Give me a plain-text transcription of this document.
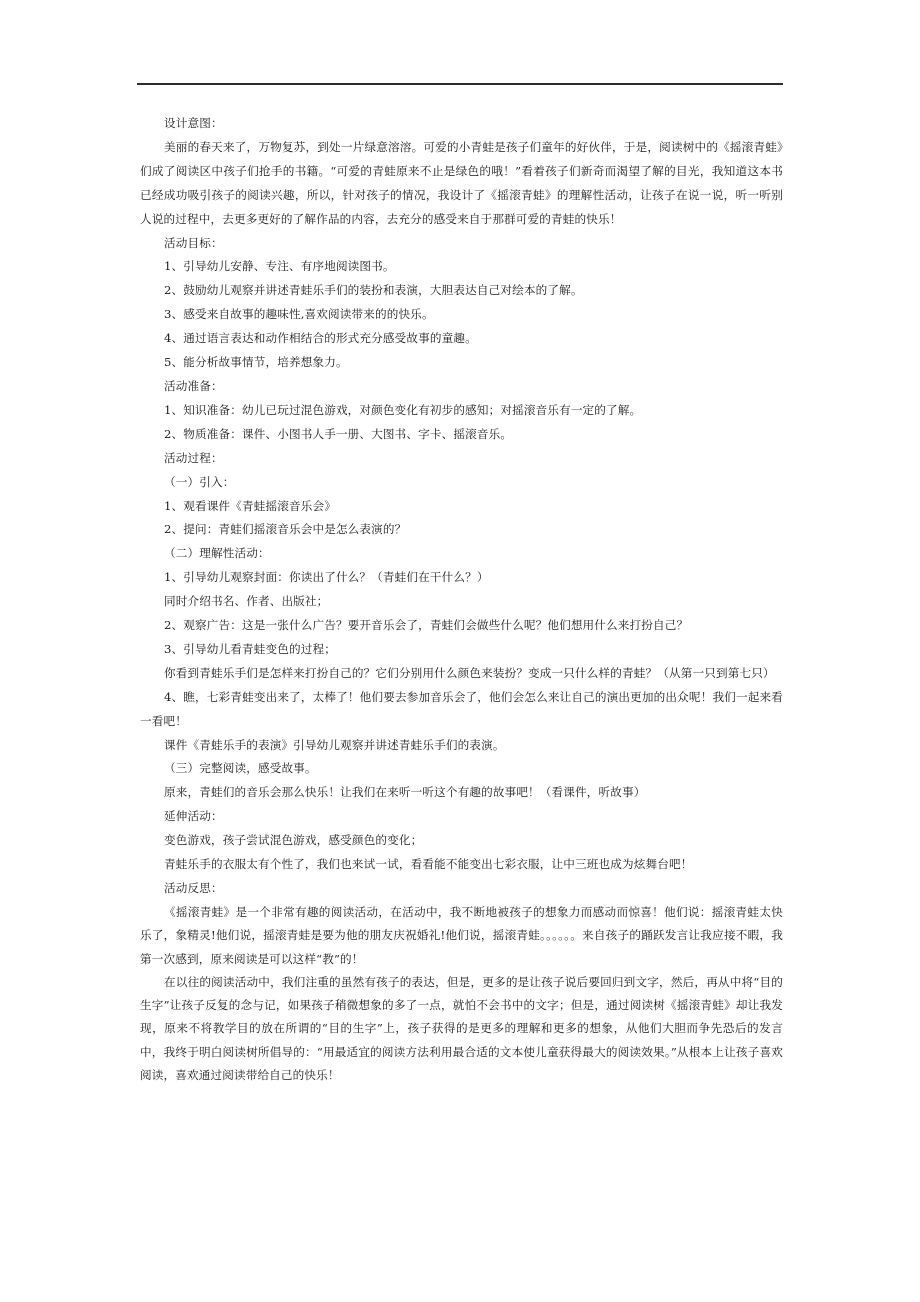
设计意图：

美丽的春天来了，万物复苏，到处一片绿意溶溶。可爱的小青蛙是孩子们童年的好伙伴，于是，阅读树中的《摇滚青蛙》们成了阅读区中孩子们抢手的书籍。“可爱的青蛙原来不止是绿色的哦！”看着孩子们新奇而渴望了解的目光，我知道这本书已经成功吸引孩子的阅读兴趣，所以，针对孩子的情况，我设计了《摇滚青蛙》的理解性活动，让孩子在说一说，听一听别人说的过程中，去更多更好的了解作品的内容，去充分的感受来自于那群可爱的青蛙的快乐！

活动目标：

1、引导幼儿安静、专注、有序地阅读图书。

2、鼓励幼儿观察并讲述青蛙乐手们的装扮和表演，大胆表达自己对绘本的了解。

3、感受来自故事的趣味性,喜欢阅读带来的的快乐。

4、通过语言表达和动作相结合的形式充分感受故事的童趣。

5、能分析故事情节，培养想象力。

活动准备：

1、知识准备：幼儿已玩过混色游戏，对颜色变化有初步的感知；对摇滚音乐有一定的了解。

2、物质准备：课件、小图书人手一册、大图书、字卡、摇滚音乐。

活动过程：

（一）引入：

1、观看课件《青蛙摇滚音乐会》

2、提问：青蛙们摇滚音乐会中是怎么表演的？

（二）理解性活动：

1、引导幼儿观察封面：你读出了什么？（青蛙们在干什么？）

同时介绍书名、作者、出版社；

2、观察广告：这是一张什么广告？要开音乐会了，青蛙们会做些什么呢？他们想用什么来打扮自己？

3、引导幼儿看青蛙变色的过程；

你看到青蛙乐手们是怎样来打扮自己的？它们分别用什么颜色来装扮？变成一只什么样的青蛙？（从第一只到第七只）

4、瞧，七彩青蛙变出来了，太棒了！他们要去参加音乐会了，他们会怎么来让自己的演出更加的出众呢！我们一起来看一看吧！

课件《青蛙乐手的表演》引导幼儿观察并讲述青蛙乐手们的表演。

（三）完整阅读，感受故事。

原来，青蛙们的音乐会那么快乐！让我们在来听一听这个有趣的故事吧！（看课件，听故事）

延伸活动：

变色游戏，孩子尝试混色游戏，感受颜色的变化；

青蛙乐手的衣服太有个性了，我们也来试一试，看看能不能变出七彩衣服，让中三班也成为炫舞台吧！

活动反思：

《摇滚青蛙》是一个非常有趣的阅读活动，在活动中，我不断地被孩子的想象力而感动而惊喜！他们说：摇滚青蛙太快乐了，象精灵!他们说，摇滚青蛙是要为他的朋友庆祝婚礼!他们说，摇滚青蛙。。。。。。来自孩子的踊跃发言让我应接不暇，我第一次感到，原来阅读是可以这样“教”的！

在以往的阅读活动中，我们注重的虽然有孩子的表达，但是，更多的是让孩子说后要回归到文字，然后，再从中将“目的生字”让孩子反复的念与记，如果孩子稍微想象的多了一点，就怕不会书中的文字；但是，通过阅读树《摇滚青蛙》却让我发现，原来不将教学目的放在所谓的“目的生字”上，孩子获得的是更多的理解和更多的想象，从他们大胆而争先恐后的发言中，我终于明白阅读树所倡导的：“用最适宜的阅读方法利用最合适的文本使儿童获得最大的阅读效果。”从根本上让孩子喜欢阅读，喜欢通过阅读带给自己的快乐！
